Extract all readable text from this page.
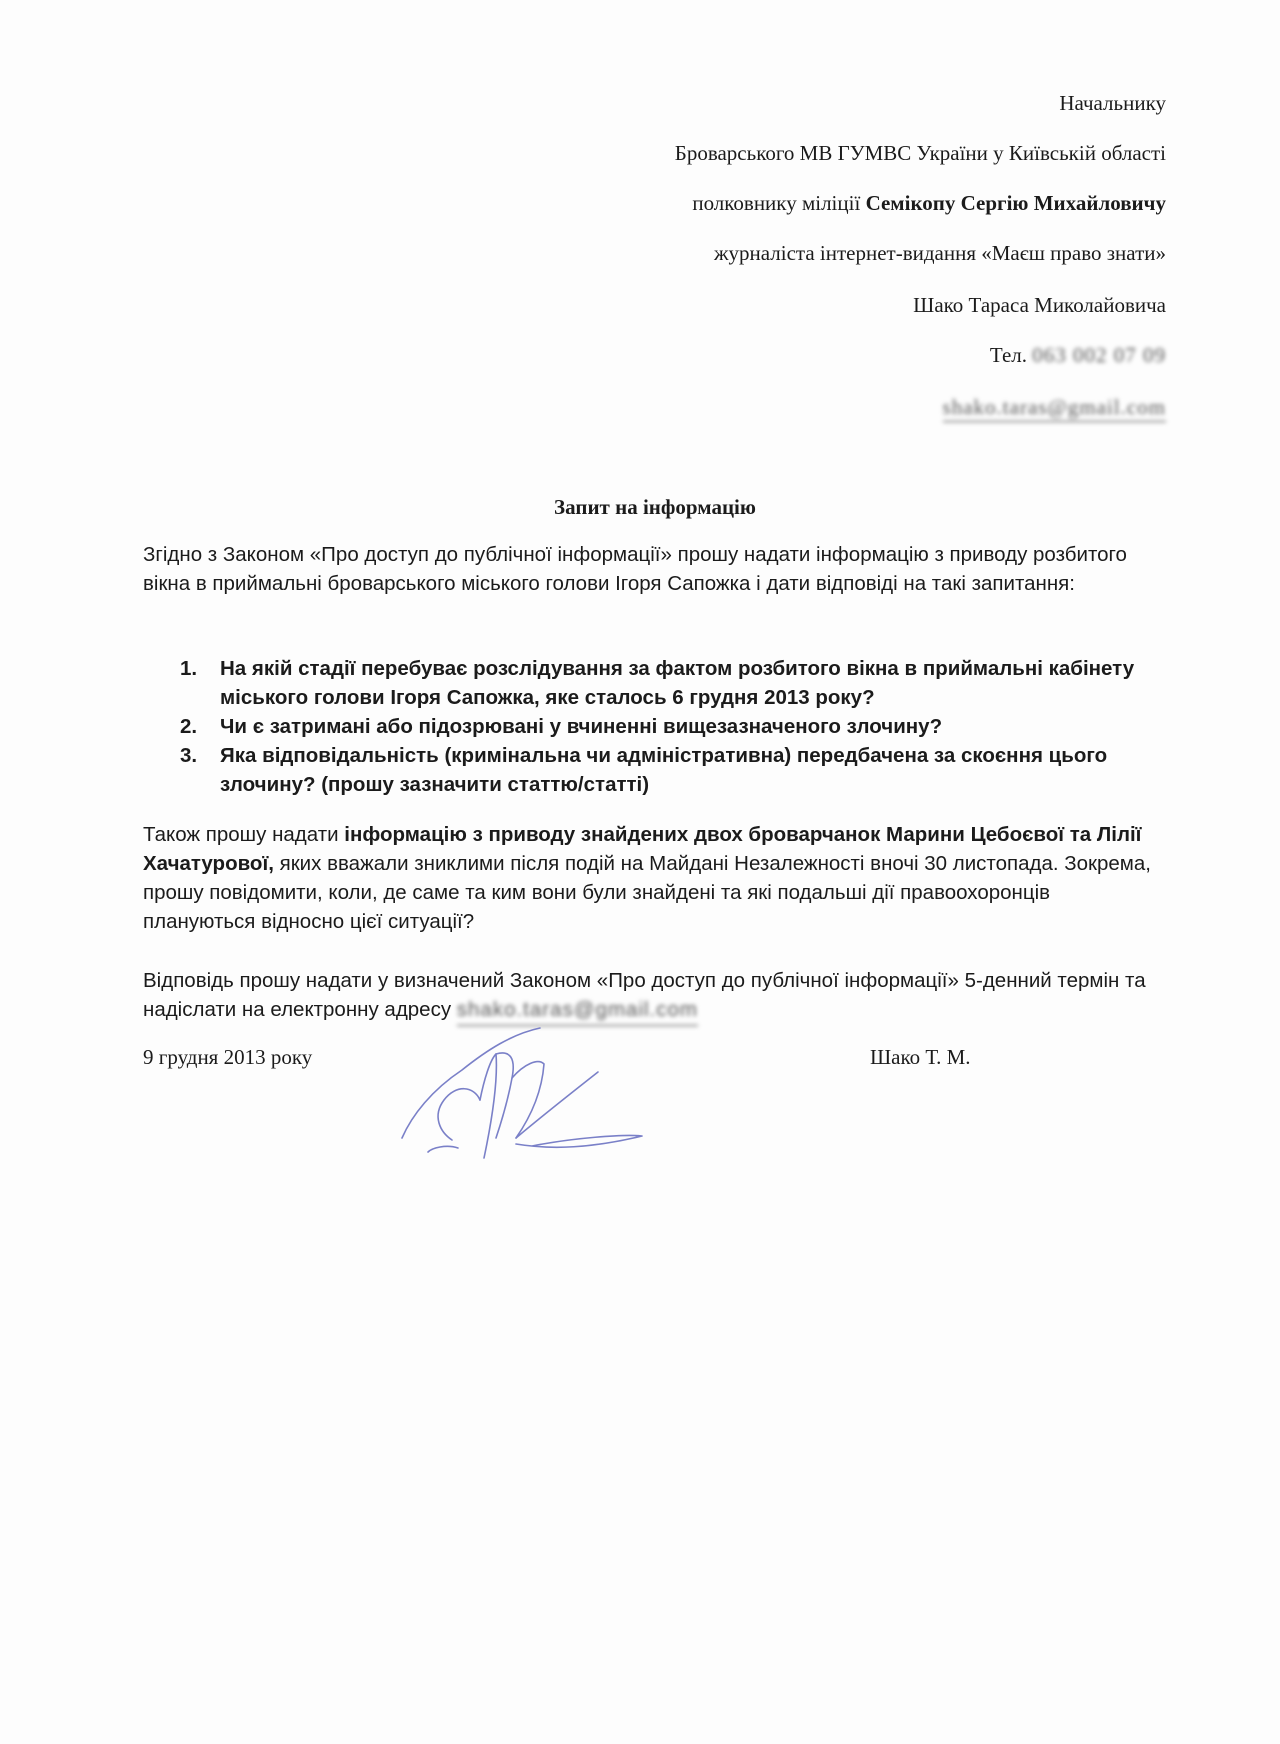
Начальнику
Броварського МВ ГУМВС України у Київській області
полковнику міліції Семікопу Сергію Михайловичу
журналіста інтернет-видання «Маєш право знати»
Шако Тараса Миколайовича
Тел. 063 002 07 09
shako.taras@gmail.com
Запит на інформацію

Згідно з Законом «Про доступ до публічної інформації» прошу надати інформацію з приводу розбитого вікна в приймальні броварського міського голови Ігоря Сапожка і дати відповіді на такі запитання:

1. На якій стадії перебуває розслідування за фактом розбитого вікна в приймальні кабінету міського голови Ігоря Сапожка, яке сталось 6 грудня 2013 року?
2. Чи є затримані або підозрювані у вчиненні вищезазначеного злочину?
3. Яка відповідальність (кримінальна чи адміністративна) передбачена за скоєння цього злочину? (прошу зазначити статтю/статті)

Також прошу надати інформацію з приводу знайдених двох броварчанок Марини Цебоєвої та Лілії Хачатурової, яких вважали зниклими після подій на Майдані Незалежності вночі 30 листопада. Зокрема, прошу повідомити, коли, де саме та ким вони були знайдені та які подальші дії правоохоронців плануються відносно цієї ситуації?

Відповідь прошу надати у визначений Законом «Про доступ до публічної інформації» 5-денний термін та надіслати на електронну адресу shako.taras@gmail.com

9 грудня 2013 року	Шако Т. М.
